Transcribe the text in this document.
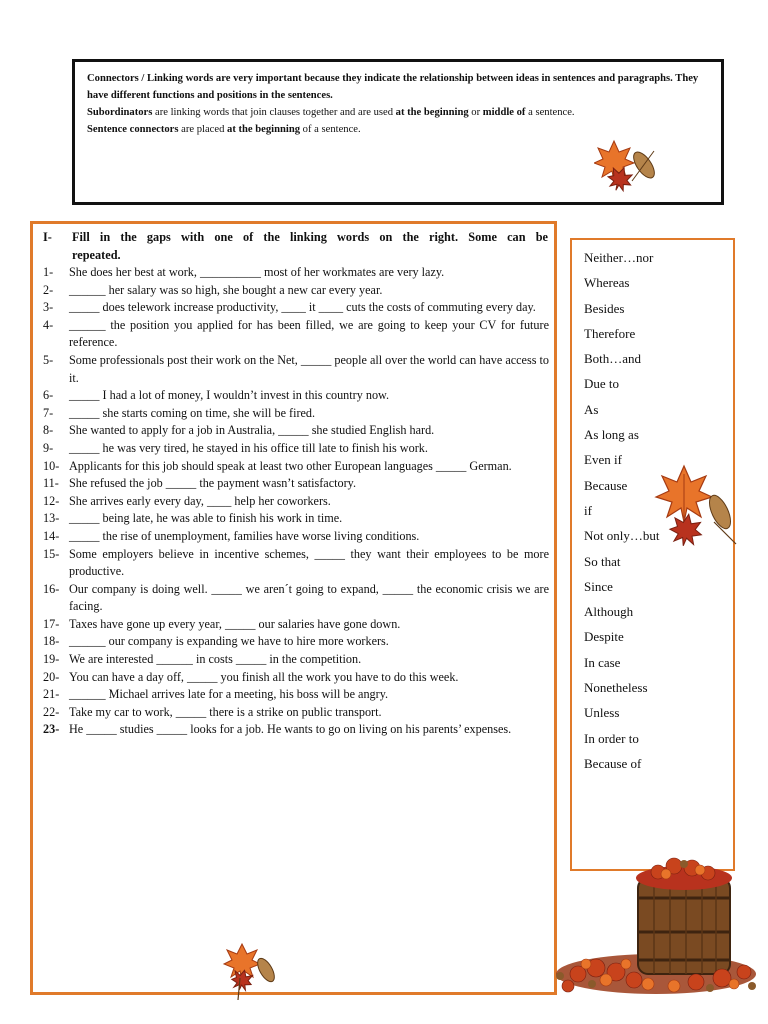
Connectors / Linking words are very important because they indicate the relationship between ideas in sentences and paragraphs. They have different functions and positions in the sentences.

Subordinators are linking words that join clauses together and are used at the beginning or middle of a sentence.

Sentence connectors are placed at the beginning of a sentence.

I-	Fill in the gaps with one of the linking words on the right. Some can be
repeated.
1-	She does her best at work, __________ most of her workmates are very lazy.
2-	______ her salary was so high, she bought a new car every year.
3-	_____ does telework increase productivity, ____ it ____ cuts the costs of commuting every day.
4-	______ the position you applied for has been filled, we are going to keep your CV for future reference.
5-	Some professionals post their work on the Net, _____ people all over the world can have access to it.
6-	_____ I had a lot of money, I wouldn’t invest in this country now.
7-	_____ she starts coming on time, she will be fired.
8-	She wanted to apply for a job in Australia, _____ she studied English hard.
9-	_____ he was very tired, he stayed in his office till late to finish his work.
10- Applicants for this job should speak at least two other European languages _____ German.
11- She refused the job _____ the payment wasn’t satisfactory.
12- She arrives early every day, ____ help her coworkers.
13- _____ being late, he was able to finish his work in time.
14- _____ the rise of unemployment, families have worse living conditions.
15- Some employers believe in incentive schemes, _____ they want their employees to be more productive.
16- Our company is doing well. _____ we aren´t going to expand, _____ the economic crisis we are facing.
17- Taxes have gone up every year, _____ our salaries have gone down.
18- ______ our company is expanding we have to hire more workers.
19- We are interested ______ in costs _____ in the competition.
20- You can have a day off, _____ you finish all the work you have to do this week.
21- ______ Michael arrives late for a meeting, his boss will be angry.
22- Take my car to work, _____ there is a strike on public transport.
23- He _____ studies _____ looks for a job. He wants to go on living on his parents’ expenses.
Neither…nor
Whereas
Besides
Therefore
Both…and
Due to
As
As long as
Even if
Because
if
Not only…but
So that
Since
Although
Despite
In case
Nonetheless
Unless
In order to
Because of
